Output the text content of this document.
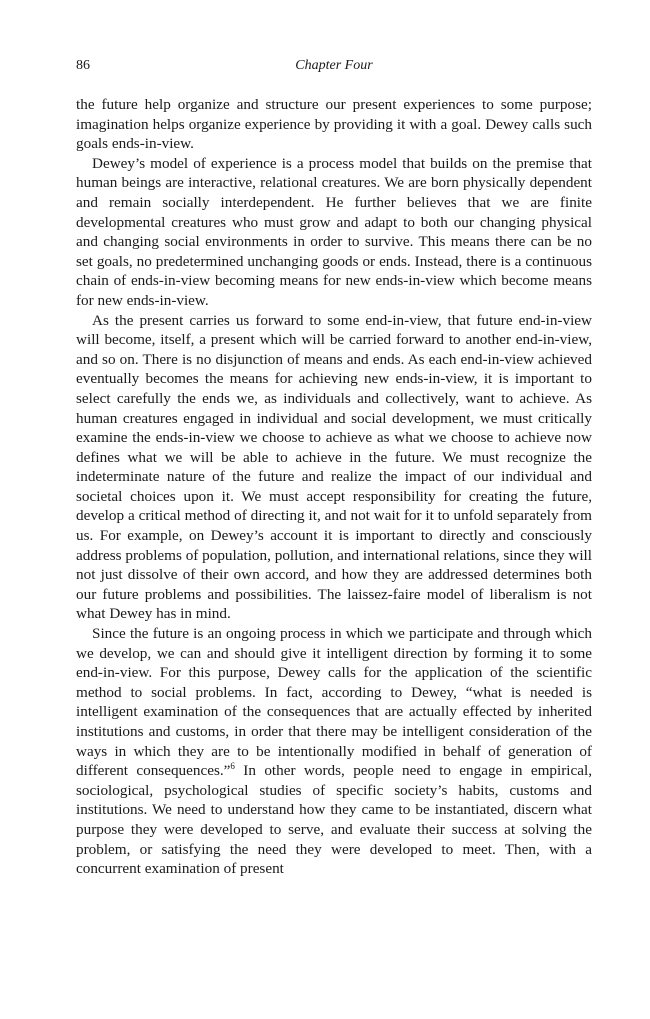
86	Chapter Four

the future help organize and structure our present experiences to some purpose; imagination helps organize experience by providing it with a goal. Dewey calls such goals ends-in-view.

Dewey’s model of experience is a process model that builds on the premise that human beings are interactive, relational creatures. We are born physically dependent and remain socially interdependent. He further believes that we are finite developmental creatures who must grow and adapt to both our changing physical and changing social environments in order to survive. This means there can be no set goals, no predetermined unchanging goods or ends. Instead, there is a continuous chain of ends-in-view becoming means for new ends-in-view which become means for new ends-in-view.

As the present carries us forward to some end-in-view, that future end-in-view will become, itself, a present which will be carried forward to another end-in-view, and so on. There is no disjunction of means and ends. As each end-in-view achieved eventually becomes the means for achieving new ends-in-view, it is important to select carefully the ends we, as individuals and collectively, want to achieve. As human creatures engaged in individual and social development, we must critically examine the ends-in-view we choose to achieve as what we choose to achieve now defines what we will be able to achieve in the future. We must recognize the indeterminate nature of the future and realize the impact of our individual and societal choices upon it. We must accept responsibility for creating the future, develop a critical method of directing it, and not wait for it to unfold separately from us. For example, on Dewey’s account it is important to directly and consciously address problems of population, pollution, and international relations, since they will not just dissolve of their own accord, and how they are addressed determines both our future problems and possibilities. The laissez-faire model of liberalism is not what Dewey has in mind.

Since the future is an ongoing process in which we participate and through which we develop, we can and should give it intelligent direction by forming it to some end-in-view. For this purpose, Dewey calls for the application of the scientific method to social problems. In fact, according to Dewey, “what is needed is intelligent examination of the consequences that are actually effected by inherited institutions and customs, in order that there may be intelligent consideration of the ways in which they are to be intentionally modified in behalf of generation of different consequences.”$^6$ In other words, people need to engage in empirical, sociological, psychological studies of specific society’s habits, customs and institutions. We need to understand how they came to be instantiated, discern what purpose they were developed to serve, and evaluate their success at solving the problem, or satisfying the need they were developed to meet. Then, with a concurrent examination of present
